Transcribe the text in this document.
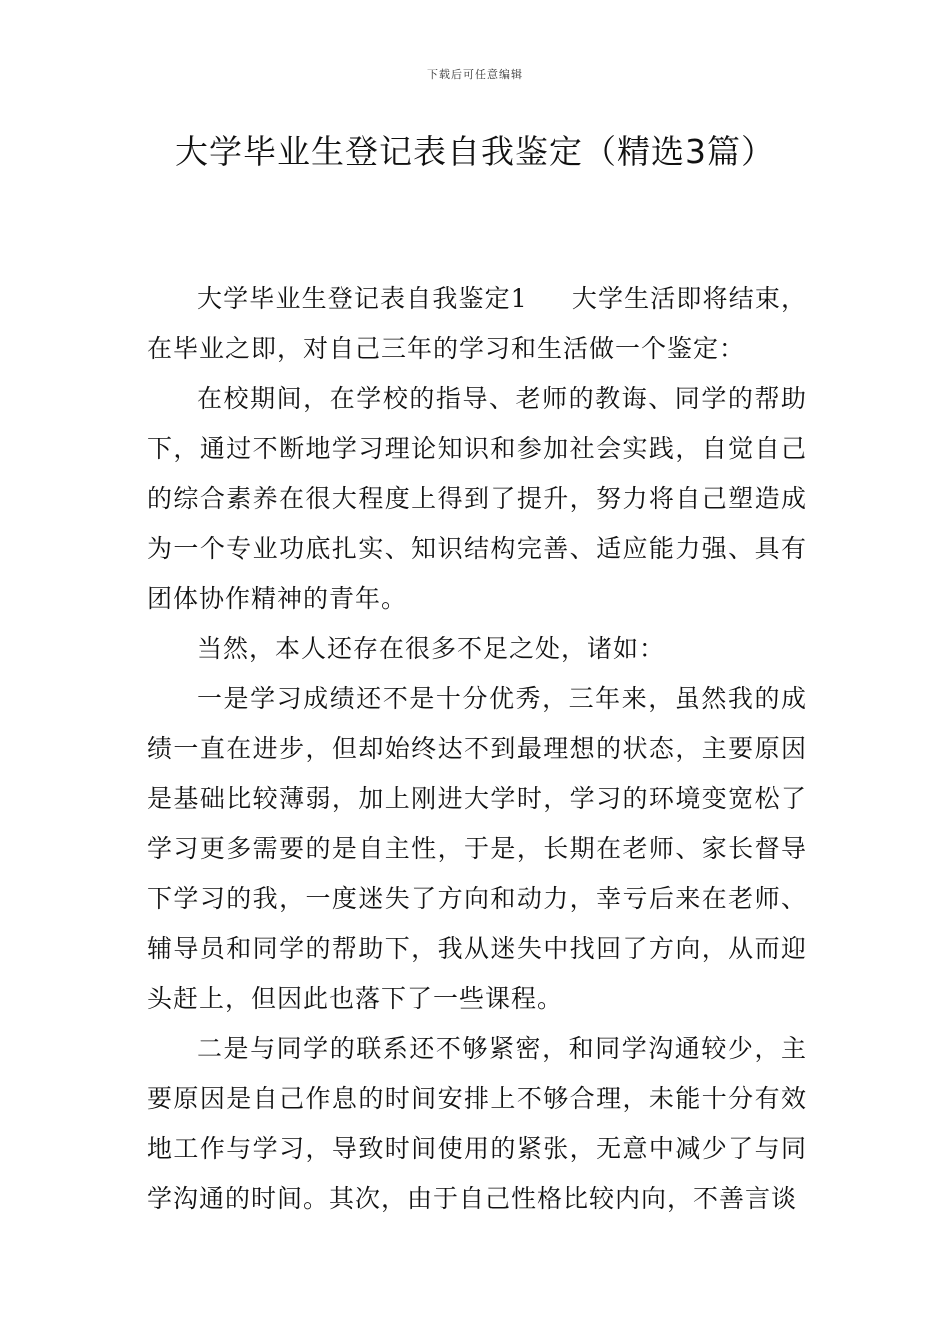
下载后可任意编辑
大学毕业生登记表自我鉴定（精选3篇）

大学毕业生登记表自我鉴定1 大学生活即将结束，在毕业之即，对自己三年的学习和生活做一个鉴定：

在校期间，在学校的指导、老师的教诲、同学的帮助下，通过不断地学习理论知识和参加社会实践，自觉自己的综合素养在很大程度上得到了提升，努力将自己塑造成为一个专业功底扎实、知识结构完善、适应能力强、具有团体协作精神的青年。

当然，本人还存在很多不足之处，诸如：

一是学习成绩还不是十分优秀，三年来，虽然我的成绩一直在进步，但却始终达不到最理想的状态，主要原因是基础比较薄弱，加上刚进大学时，学习的环境变宽松了学习更多需要的是自主性，于是，长期在老师、家长督导下学习的我，一度迷失了方向和动力，幸亏后来在老师、辅导员和同学的帮助下，我从迷失中找回了方向，从而迎头赶上，但因此也落下了一些课程。

二是与同学的联系还不够紧密，和同学沟通较少，主要原因是自己作息的时间安排上不够合理，未能十分有效地工作与学习，导致时间使用的紧张，无意中减少了与同学沟通的时间。其次，由于自己性格比较内向，不善言谈
